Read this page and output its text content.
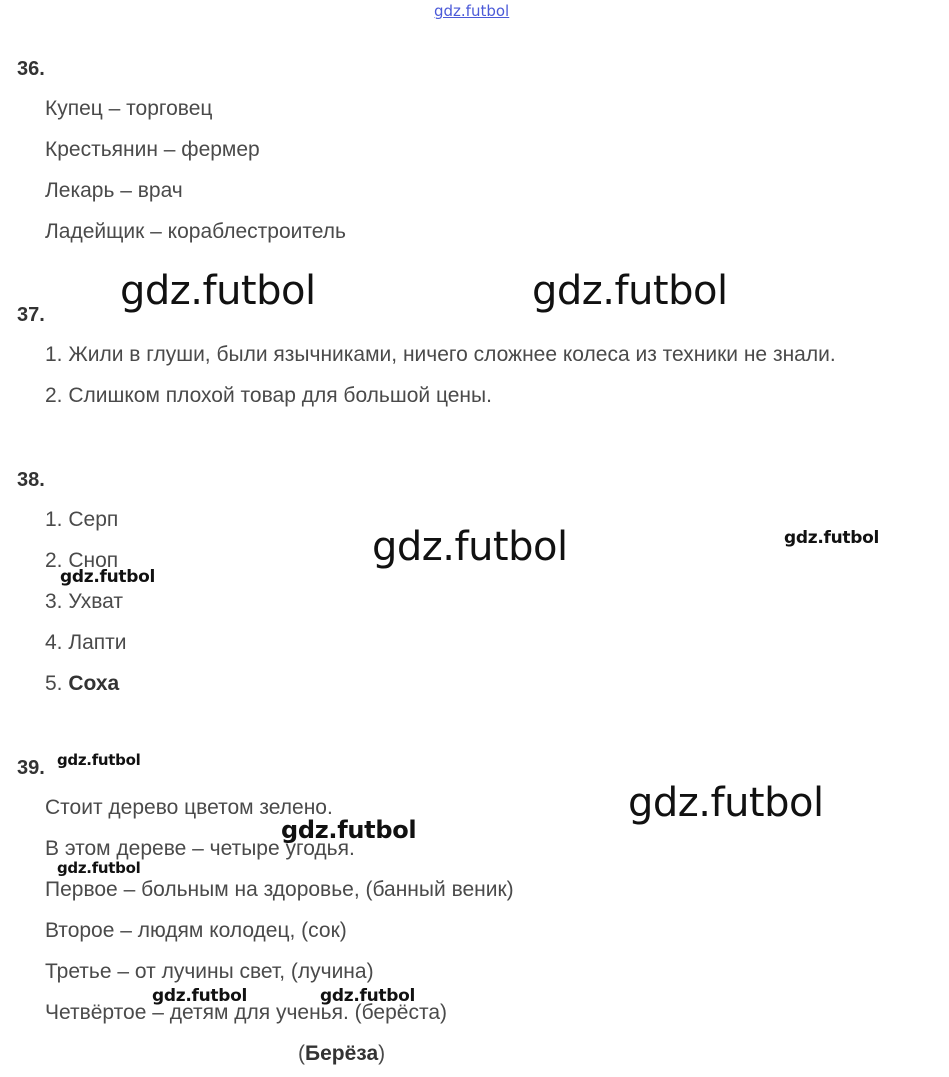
gdz.futbol
36.
Купец – торговец
Крестьянин – фермер
Лекарь – врач
Ладейщик – кораблестроитель
37.
1. Жили в глуши, были язычниками, ничего сложнее колеса из техники не знали.
2. Слишком плохой товар для большой цены.
38.
1. Серп
2. Сноп
3. Ухват
4. Лапти
5. Соха
39.
Стоит дерево цветом зелено.
В этом дереве – четыре угодья.
Первое – больным на здоровье, (банный веник)
Второе – людям колодец, (сок)
Третье – от лучины свет, (лучина)
Четвёртое – детям для ученья. (берёста)
(Берёза)
gdz.futbol	gdz.futbol
gdz.futbol	gdz.futbol
gdz.futbol
gdz.futbol
gdz.futbol
gdz.futbol
gdz.futbol
gdz.futbol	gdz.futbol
